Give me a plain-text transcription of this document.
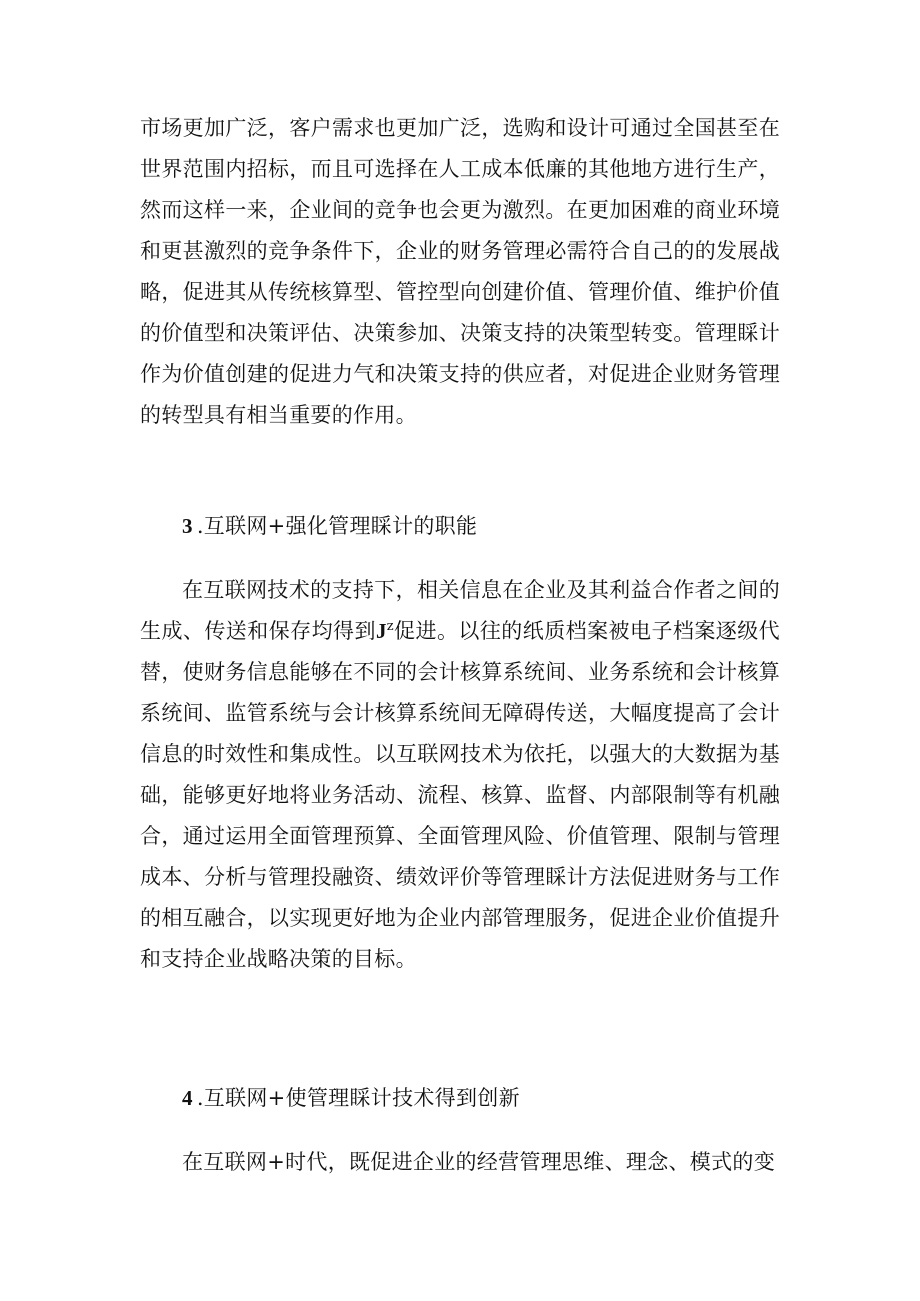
市场更加广泛，客户需求也更加广泛，选购和设计可通过全国甚至在世界范围内招标，而且可选择在人工成本低廉的其他地方进行生产，然而这样一来，企业间的竞争也会更为激烈。在更加困难的商业环境和更甚激烈的竞争条件下，企业的财务管理必需符合自己的的发展战略，促进其从传统核算型、管控型向创建价值、管理价值、维护价值的价值型和决策评估、决策参加、决策支持的决策型转变。管理睬计作为价值创建的促进力气和决策支持的供应者，对促进企业财务管理的转型具有相当重要的作用。

3 .互联网+强化管理睬计的职能

在互联网技术的支持下，相关信息在企业及其利益合作者之间的生成、传送和保存均得到$J^z$促进。以往的纸质档案被电子档案逐级代替，使财务信息能够在不同的会计核算系统间、业务系统和会计核算系统间、监管系统与会计核算系统间无障碍传送，大幅度提高了会计信息的时效性和集成性。以互联网技术为依托，以强大的大数据为基础，能够更好地将业务活动、流程、核算、监督、内部限制等有机融合，通过运用全面管理预算、全面管理风险、价值管理、限制与管理成本、分析与管理投融资、绩效评价等管理睬计方法促进财务与工作的相互融合，以实现更好地为企业内部管理服务，促进企业价值提升和支持企业战略决策的目标。

4 .互联网+使管理睬计技术得到创新

在互联网+时代，既促进企业的经营管理思维、理念、模式的变
